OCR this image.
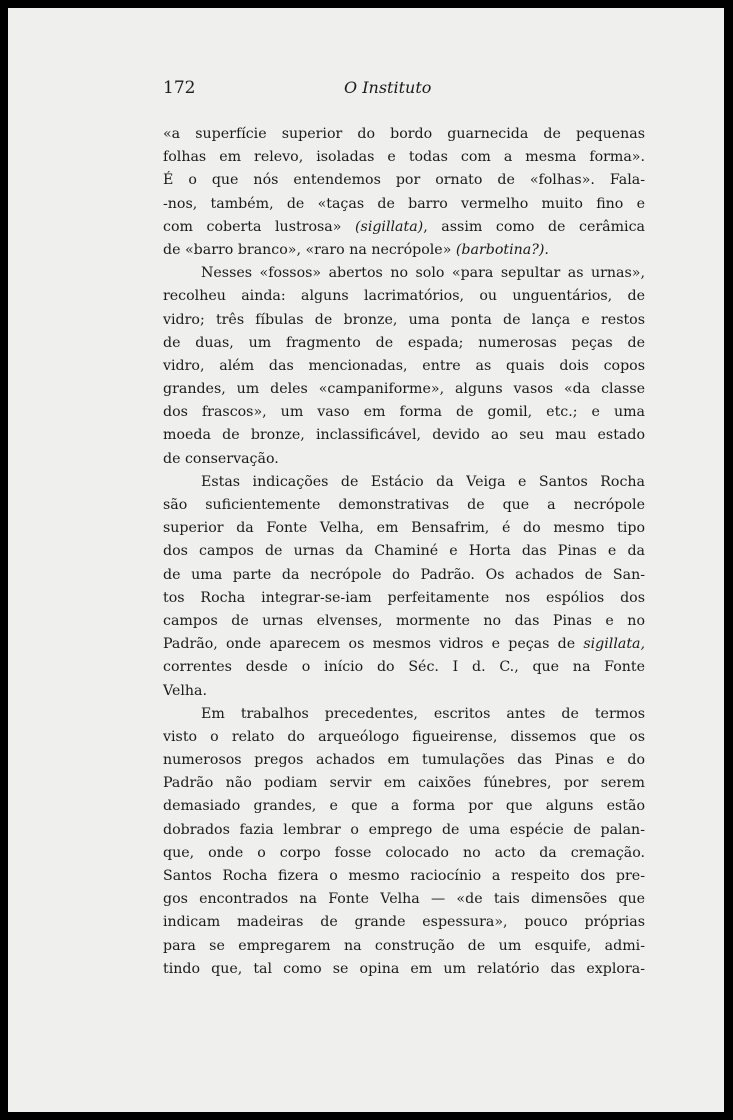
172	O Instituto
«a superfície superior do bordo guarnecida de pequenas
folhas em relevo, isoladas e todas com a mesma forma».
É o que nós entendemos por ornato de «folhas». Fala-
-nos, também, de «taças de barro vermelho muito fino e
com coberta lustrosa» (sigillata), assim como de cerâmica
de «barro branco», «raro na necrópole» (barbotina?).
Nesses «fossos» abertos no solo «para sepultar as urnas»,
recolheu ainda: alguns lacrimatórios, ou unguentários, de
vidro; três fíbulas de bronze, uma ponta de lança e restos
de duas, um fragmento de espada; numerosas peças de
vidro, além das mencionadas, entre as quais dois copos
grandes, um deles «campaniforme», alguns vasos «da classe
dos frascos», um vaso em forma de gomil, etc.; e uma
moeda de bronze, inclassificável, devido ao seu mau estado
de conservação.
Estas indicações de Estácio da Veiga e Santos Rocha
são suficientemente demonstrativas de que a necrópole
superior da Fonte Velha, em Bensafrim, é do mesmo tipo
dos campos de urnas da Chaminé e Horta das Pinas e da
de uma parte da necrópole do Padrão. Os achados de San-
tos Rocha integrar-se-iam perfeitamente nos espólios dos
campos de urnas elvenses, mormente no das Pinas e no
Padrão, onde aparecem os mesmos vidros e peças de sigillata,
correntes desde o início do Séc. I d. C., que na Fonte
Velha.
Em trabalhos precedentes, escritos antes de termos
visto o relato do arqueólogo figueirense, dissemos que os
numerosos pregos achados em tumulações das Pinas e do
Padrão não podiam servir em caixões fúnebres, por serem
demasiado grandes, e que a forma por que alguns estão
dobrados fazia lembrar o emprego de uma espécie de palan-
que, onde o corpo fosse colocado no acto da cremação.
Santos Rocha fizera o mesmo raciocínio a respeito dos pre-
gos encontrados na Fonte Velha — «de tais dimensões que
indicam madeiras de grande espessura», pouco próprias
para se empregarem na construção de um esquife, admi-
tindo que, tal como se opina em um relatório das explora-
